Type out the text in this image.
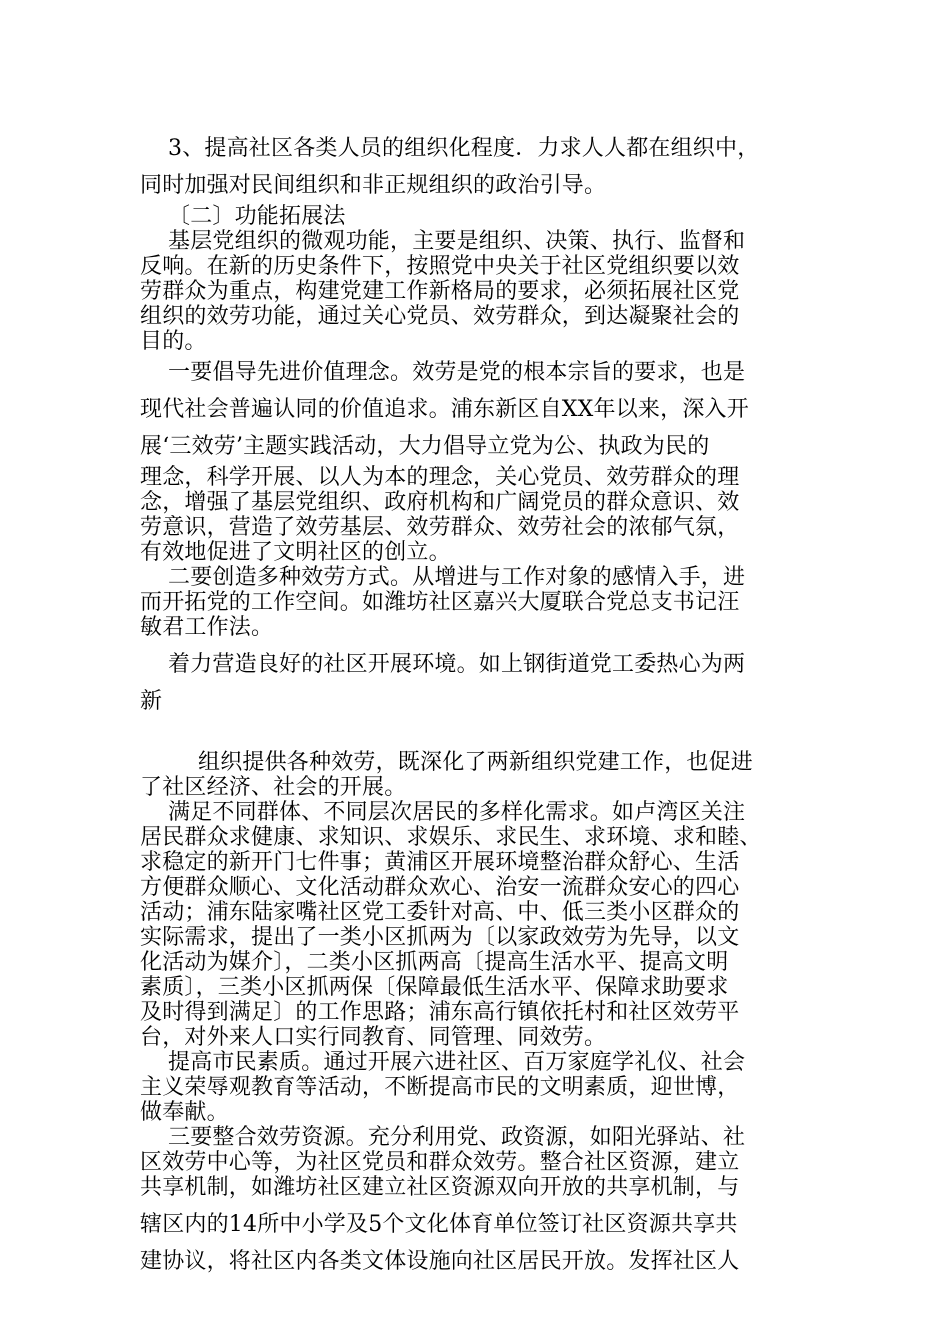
3、提高社区各类人员的组织化程度．力求人人都在组织中，
同时加强对民间组织和非正规组织的政治引导。

〔二〕功能拓展法

基层党组织的微观功能，主要是组织、决策、执行、监督和
反响。在新的历史条件下，按照党中央关于社区党组织要以效
劳群众为重点，构建党建工作新格局的要求，必须拓展社区党
组织的效劳功能，通过关心党员、效劳群众，到达凝聚社会的
目的。

一要倡导先进价值理念。效劳是党的根本宗旨的要求，也是
现代社会普遍认同的价值追求。浦东新区自XX年以来，深入开
展‘三效劳’主题实践活动，大力倡导立党为公、执政为民的

理念，科学开展、以人为本的理念，关心党员、效劳群众的理
念，增强了基层党组织、政府机构和广阔党员的群众意识、效
劳意识，营造了效劳基层、效劳群众、效劳社会的浓郁气氛，
有效地促进了文明社区的创立。

二要创造多种效劳方式。从增进与工作对象的感情入手，进
而开拓党的工作空间。如潍坊社区嘉兴大厦联合党总支书记汪
敏君工作法。

着力营造良好的社区开展环境。如上钢街道党工委热心为两
新

组织提供各种效劳，既深化了两新组织党建工作，也促进
了社区经济、社会的开展。

满足不同群体、不同层次居民的多样化需求。如卢湾区关注
居民群众求健康、求知识、求娱乐、求民生、求环境、求和睦、
求稳定的新开门七件事；黄浦区开展环境整治群众舒心、生活
方便群众顺心、文化活动群众欢心、治安一流群众安心的四心
活动；浦东陆家嘴社区党工委针对高、中、低三类小区群众的
实际需求，提出了一类小区抓两为〔以家政效劳为先导，以文
化活动为媒介〕，二类小区抓两高〔提高生活水平、提高文明
素质〕，三类小区抓两保〔保障最低生活水平、保障求助要求
及时得到满足〕的工作思路；浦东高行镇依托村和社区效劳平
台，对外来人口实行同教育、同管理、同效劳。

提高市民素质。通过开展六进社区、百万家庭学礼仪、社会
主义荣辱观教育等活动，不断提高市民的文明素质，迎世博，
做奉献。

三要整合效劳资源。充分利用党、政资源，如阳光驿站、社
区效劳中心等，为社区党员和群众效劳。整合社区资源，建立
共享机制，如潍坊社区建立社区资源双向开放的共享机制，与

辖区内的14所中小学及5个文化体育单位签订社区资源共享共
建协议，将社区内各类文体设施向社区居民开放。发挥社区人
